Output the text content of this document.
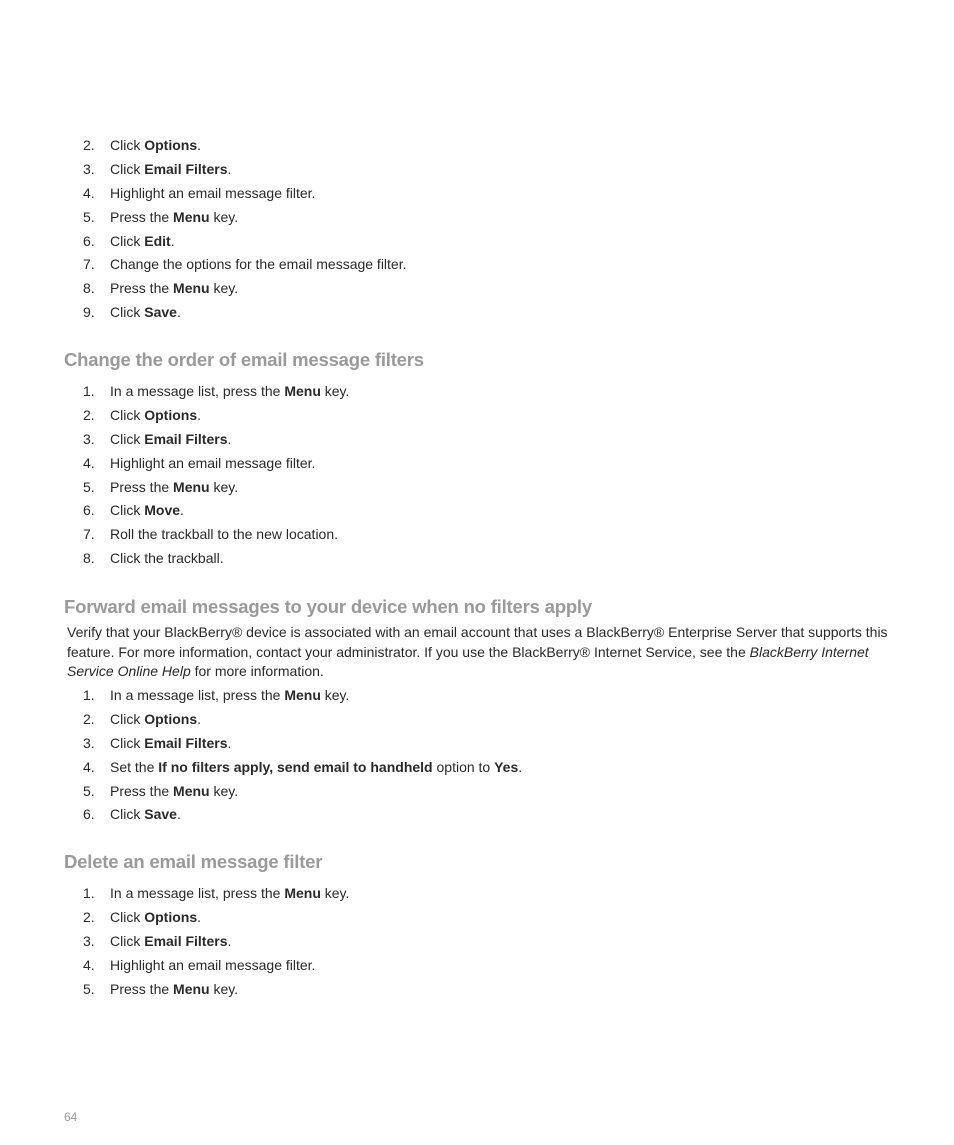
2. Click Options.
3. Click Email Filters.
4. Highlight an email message filter.
5. Press the Menu key.
6. Click Edit.
7. Change the options for the email message filter.
8. Press the Menu key.
9. Click Save.
Change the order of email message filters
1. In a message list, press the Menu key.
2. Click Options.
3. Click Email Filters.
4. Highlight an email message filter.
5. Press the Menu key.
6. Click Move.
7. Roll the trackball to the new location.
8. Click the trackball.
Forward email messages to your device when no filters apply

Verify that your BlackBerry® device is associated with an email account that uses a BlackBerry® Enterprise Server that supports this feature. For more information, contact your administrator. If you use the BlackBerry® Internet Service, see the BlackBerry Internet Service Online Help for more information.

1. In a message list, press the Menu key.
2. Click Options.
3. Click Email Filters.
4. Set the If no filters apply, send email to handheld option to Yes.
5. Press the Menu key.
6. Click Save.
Delete an email message filter
1. In a message list, press the Menu key.
2. Click Options.
3. Click Email Filters.
4. Highlight an email message filter.
5. Press the Menu key.
64
